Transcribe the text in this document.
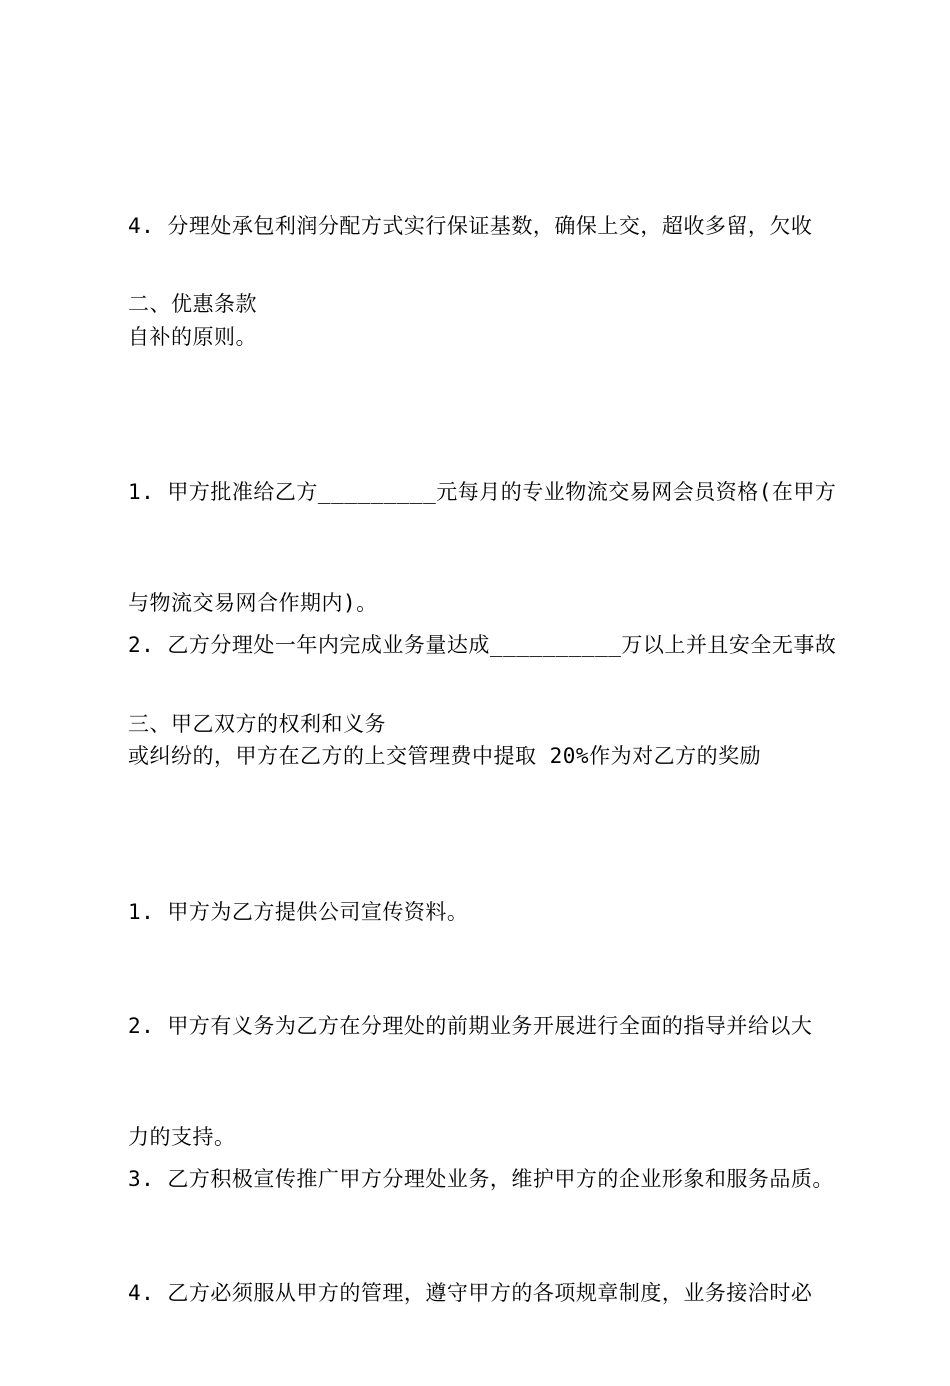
4. 分理处承包利润分配方式实行保证基数，确保上交，超收多留，欠收

自补的原则。

二、优惠条款

1. 甲方批准给乙方_________元每月的专业物流交易网会员资格(在甲方

与物流交易网合作期内)。

2. 乙方分理处一年内完成业务量达成__________万以上并且安全无事故

或纠纷的，甲方在乙方的上交管理费中提取 20%作为对乙方的奖励

三、甲乙双方的权利和义务

1. 甲方为乙方提供公司宣传资料。

2. 甲方有义务为乙方在分理处的前期业务开展进行全面的指导并给以大

力的支持。

3. 乙方积极宣传推广甲方分理处业务，维护甲方的企业形象和服务品质。

4. 乙方必须服从甲方的管理，遵守甲方的各项规章制度，业务接洽时必
